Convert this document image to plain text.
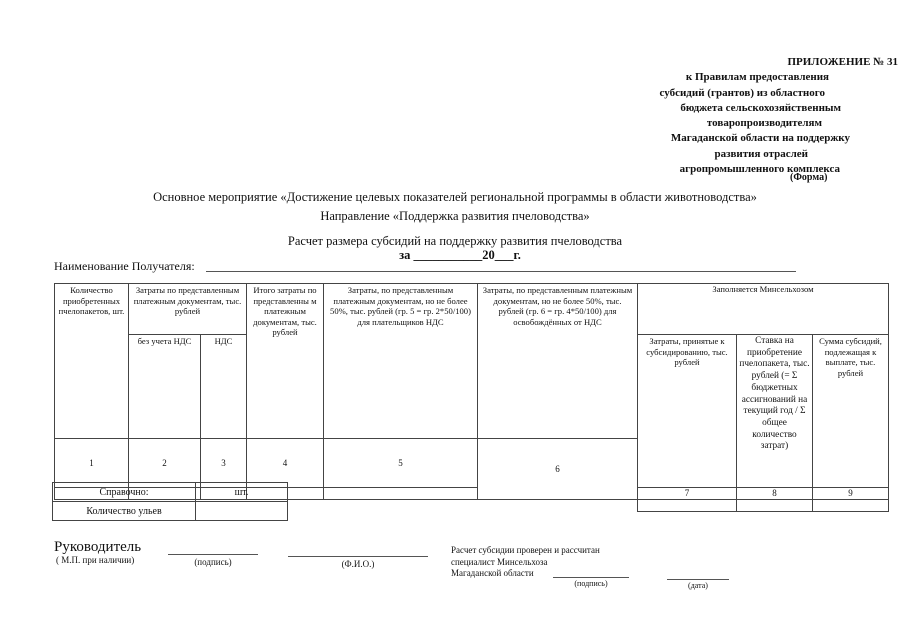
ПРИЛОЖЕНИЕ № 31
к Правилам предоставления
субсидий (грантов) из областного
бюджета сельскохозяйственным
товаропроизводителям
Магаданской области на поддержку
развития отраслей
агропромышленного комплекса
(Форма)
Основное мероприятие «Достижение целевых показателей региональной программы в области животноводства»
Направление «Поддержка развития пчеловодства»
Расчет размера субсидий на поддержку развития пчеловодства
за ___________20___г.
Наименование Получателя:
Количество приобретенных пчелопакетов, шт.	Затраты по представленным платежным документам, тыс. рублей		Итого затраты по представленны м платежным документам, тыс. рублей	Затраты, по представленным платежным документам, но не более 50%, тыс. рублей (гр. 5 = гр. 2*50/100) для плательщиков НДС	Затраты, по представленным платежным документам, но не более 50%, тыс. рублей (гр. 6 = гр. 4*50/100) для освобождённых от НДС	Заполняется Минсельхозом		
	без учета НДС	НДС				Затраты, принятые к субсидированию, тыс. рублей	Ставка на приобретение пчелопакета, тыс. рублей (= Σ бюджетных ассигнований на текущий год / Σ общее количество затрат)	Сумма субсидий, подлежащая к выплате, тыс. рублей

1	2	3	4	5	6			
						7	8	9

Справочно:	шт.
Количество ульев	
Руководитель
( М.П. при наличии)	(подпись)	(Ф.И.О.)
Расчет субсидии проверен и рассчитан
специалист Минсельхоза
Магаданской области
(подпись)	(дата)
